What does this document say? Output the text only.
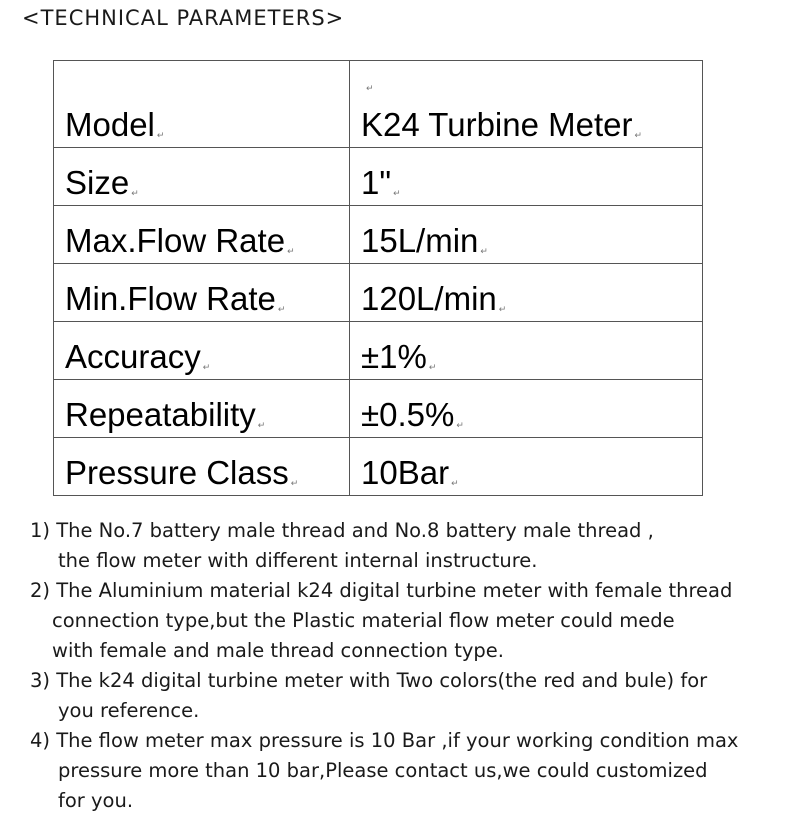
<TECHNICAL PARAMETERS>
↵
Model ↵	K24 Turbine Meter ↵
Size ↵	1" ↵
Max.Flow Rate ↵	15L/min ↵
Min.Flow Rate ↵	120L/min ↵
Accuracy ↵	±1% ↵
Repeatability ↵	±0.5% ↵
Pressure Class ↵	10Bar ↵

1) The No.7 battery male thread and No.8 battery male thread ,
the flow meter with different internal instructure.

2) The Aluminium material k24 digital turbine meter with female thread
connection type,but the Plastic material flow meter could mede
with female and male thread connection type.

3) The k24 digital turbine meter with Two colors(the red and bule) for
you reference.

4) The flow meter max pressure is 10 Bar ,if your working condition max
pressure more than 10 bar,Please contact us,we could customized
for you.
